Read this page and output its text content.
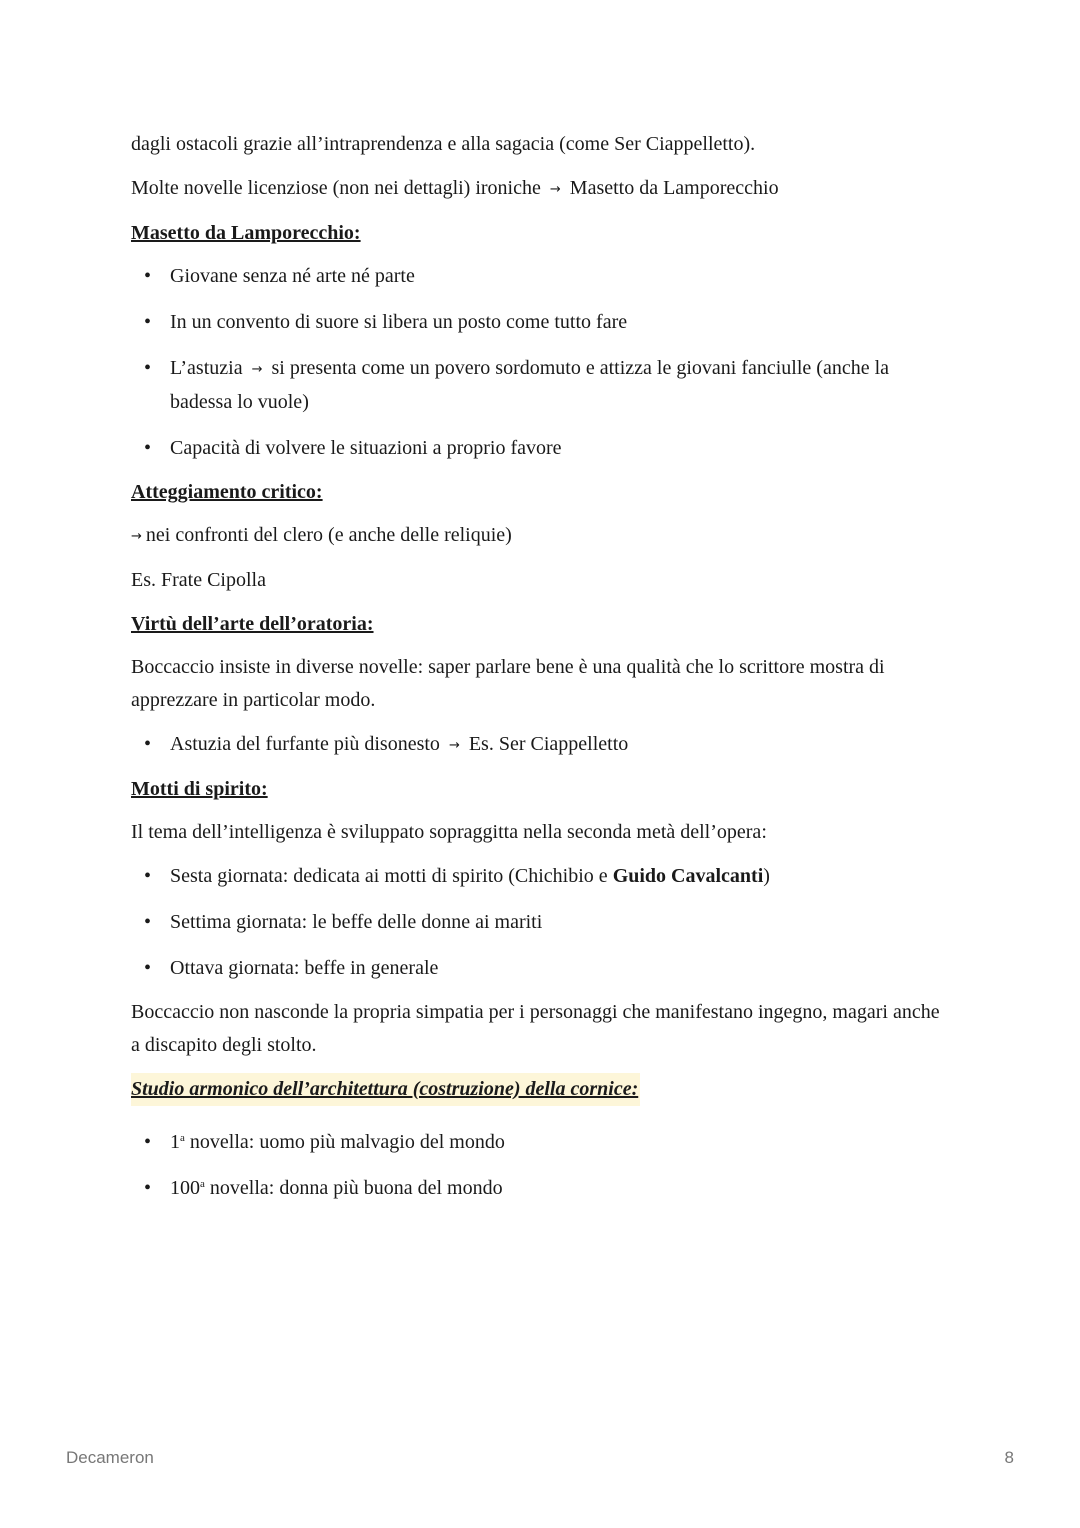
dagli ostacoli grazie all’intraprendenza e alla sagacia (come Ser Ciappelletto).

Molte novelle licenziose (non nei dettagli) ironiche → Masetto da Lamporecchio

Masetto da Lamporecchio:
• Giovane senza né arte né parte
• In un convento di suore si libera un posto come tutto fare
• L’astuzia → si presenta come un povero sordomuto e attizza le giovani fanciulle (anche la badessa lo vuole)
• Capacità di volvere le situazioni a proprio favore
Atteggiamento critico:

→ nei confronti del clero (e anche delle reliquie)

Es. Frate Cipolla

Virtù dell’arte dell’oratoria:

Boccaccio insiste in diverse novelle: saper parlare bene è una qualità che lo scrittore mostra di apprezzare in particolar modo.

• Astuzia del furfante più disonesto → Es. Ser Ciappelletto
Motti di spirito:

Il tema dell’intelligenza è sviluppato sopraggitta nella seconda metà dell’opera:

• Sesta giornata: dedicata ai motti di spirito (Chichibio e Guido Cavalcanti)
• Settima giornata: le beffe delle donne ai mariti
• Ottava giornata: beffe in generale

Boccaccio non nasconde la propria simpatia per i personaggi che manifestano ingegno, magari anche a discapito degli stolto.

Studio armonico dell’architettura (costruzione) della cornice:
• 1$^a$ novella: uomo più malvagio del mondo
• 100$^a$ novella: donna più buona del mondo
Decameron	8
